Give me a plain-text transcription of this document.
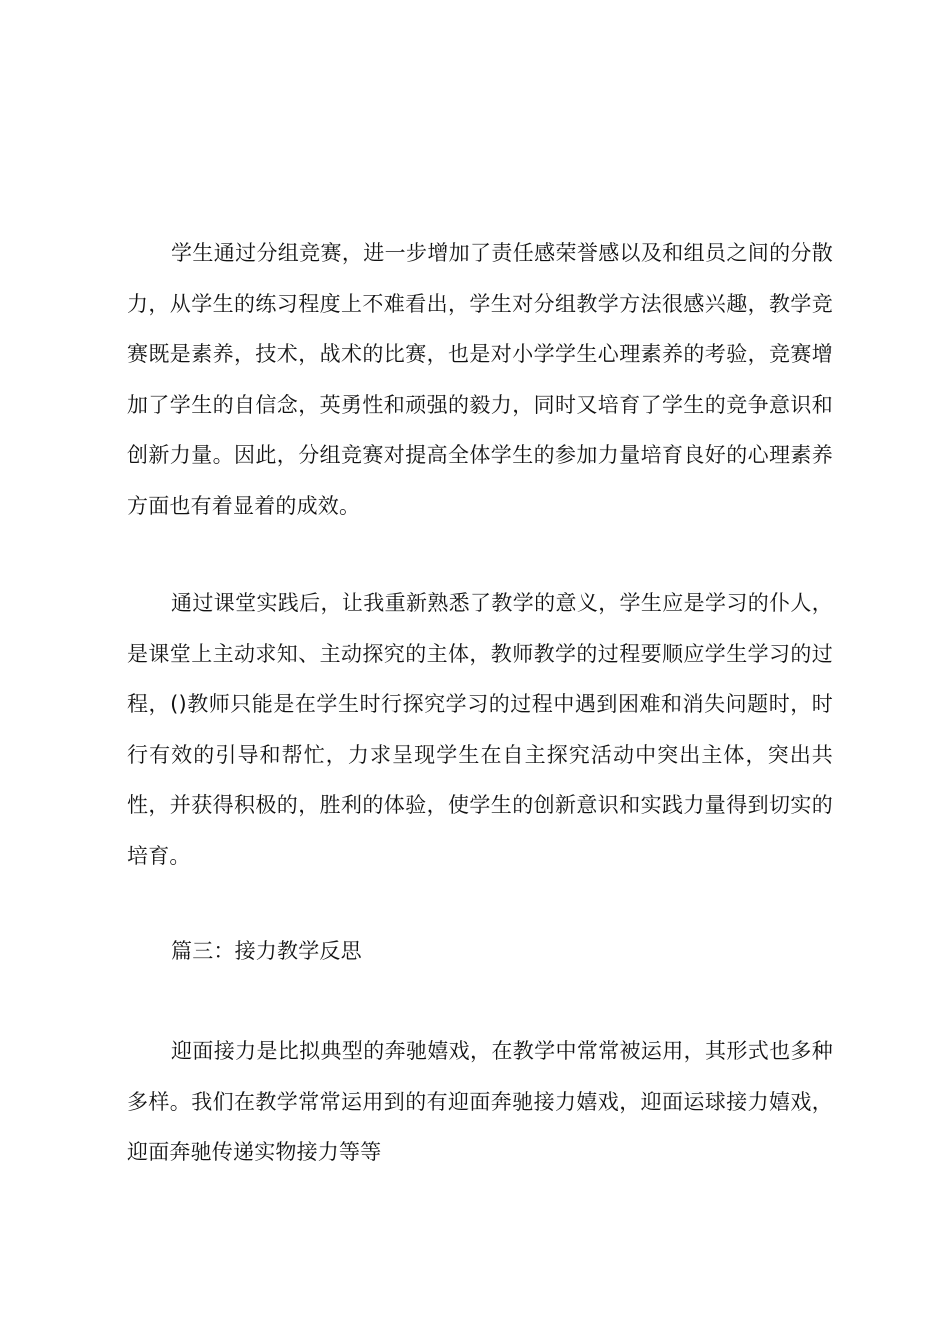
学生通过分组竞赛，进一步增加了责任感荣誉感以及和组员之间的分散力，从学生的练习程度上不难看出，学生对分组教学方法很感兴趣，教学竞赛既是素养，技术，战术的比赛，也是对小学学生心理素养的考验，竞赛增加了学生的自信念，英勇性和顽强的毅力，同时又培育了学生的竞争意识和创新力量。因此，分组竞赛对提高全体学生的参加力量培育良好的心理素养方面也有着显着的成效。

通过课堂实践后，让我重新熟悉了教学的意义，学生应是学习的仆人，是课堂上主动求知、主动探究的主体，教师教学的过程要顺应学生学习的过程，()教师只能是在学生时行探究学习的过程中遇到困难和消失问题时，时行有效的引导和帮忙，力求呈现学生在自主探究活动中突出主体，突出共性，并获得积极的，胜利的体验，使学生的创新意识和实践力量得到切实的培育。

篇三：接力教学反思

迎面接力是比拟典型的奔驰嬉戏，在教学中常常被运用，其形式也多种多样。我们在教学常常运用到的有迎面奔驰接力嬉戏，迎面运球接力嬉戏，迎面奔驰传递实物接力等等
